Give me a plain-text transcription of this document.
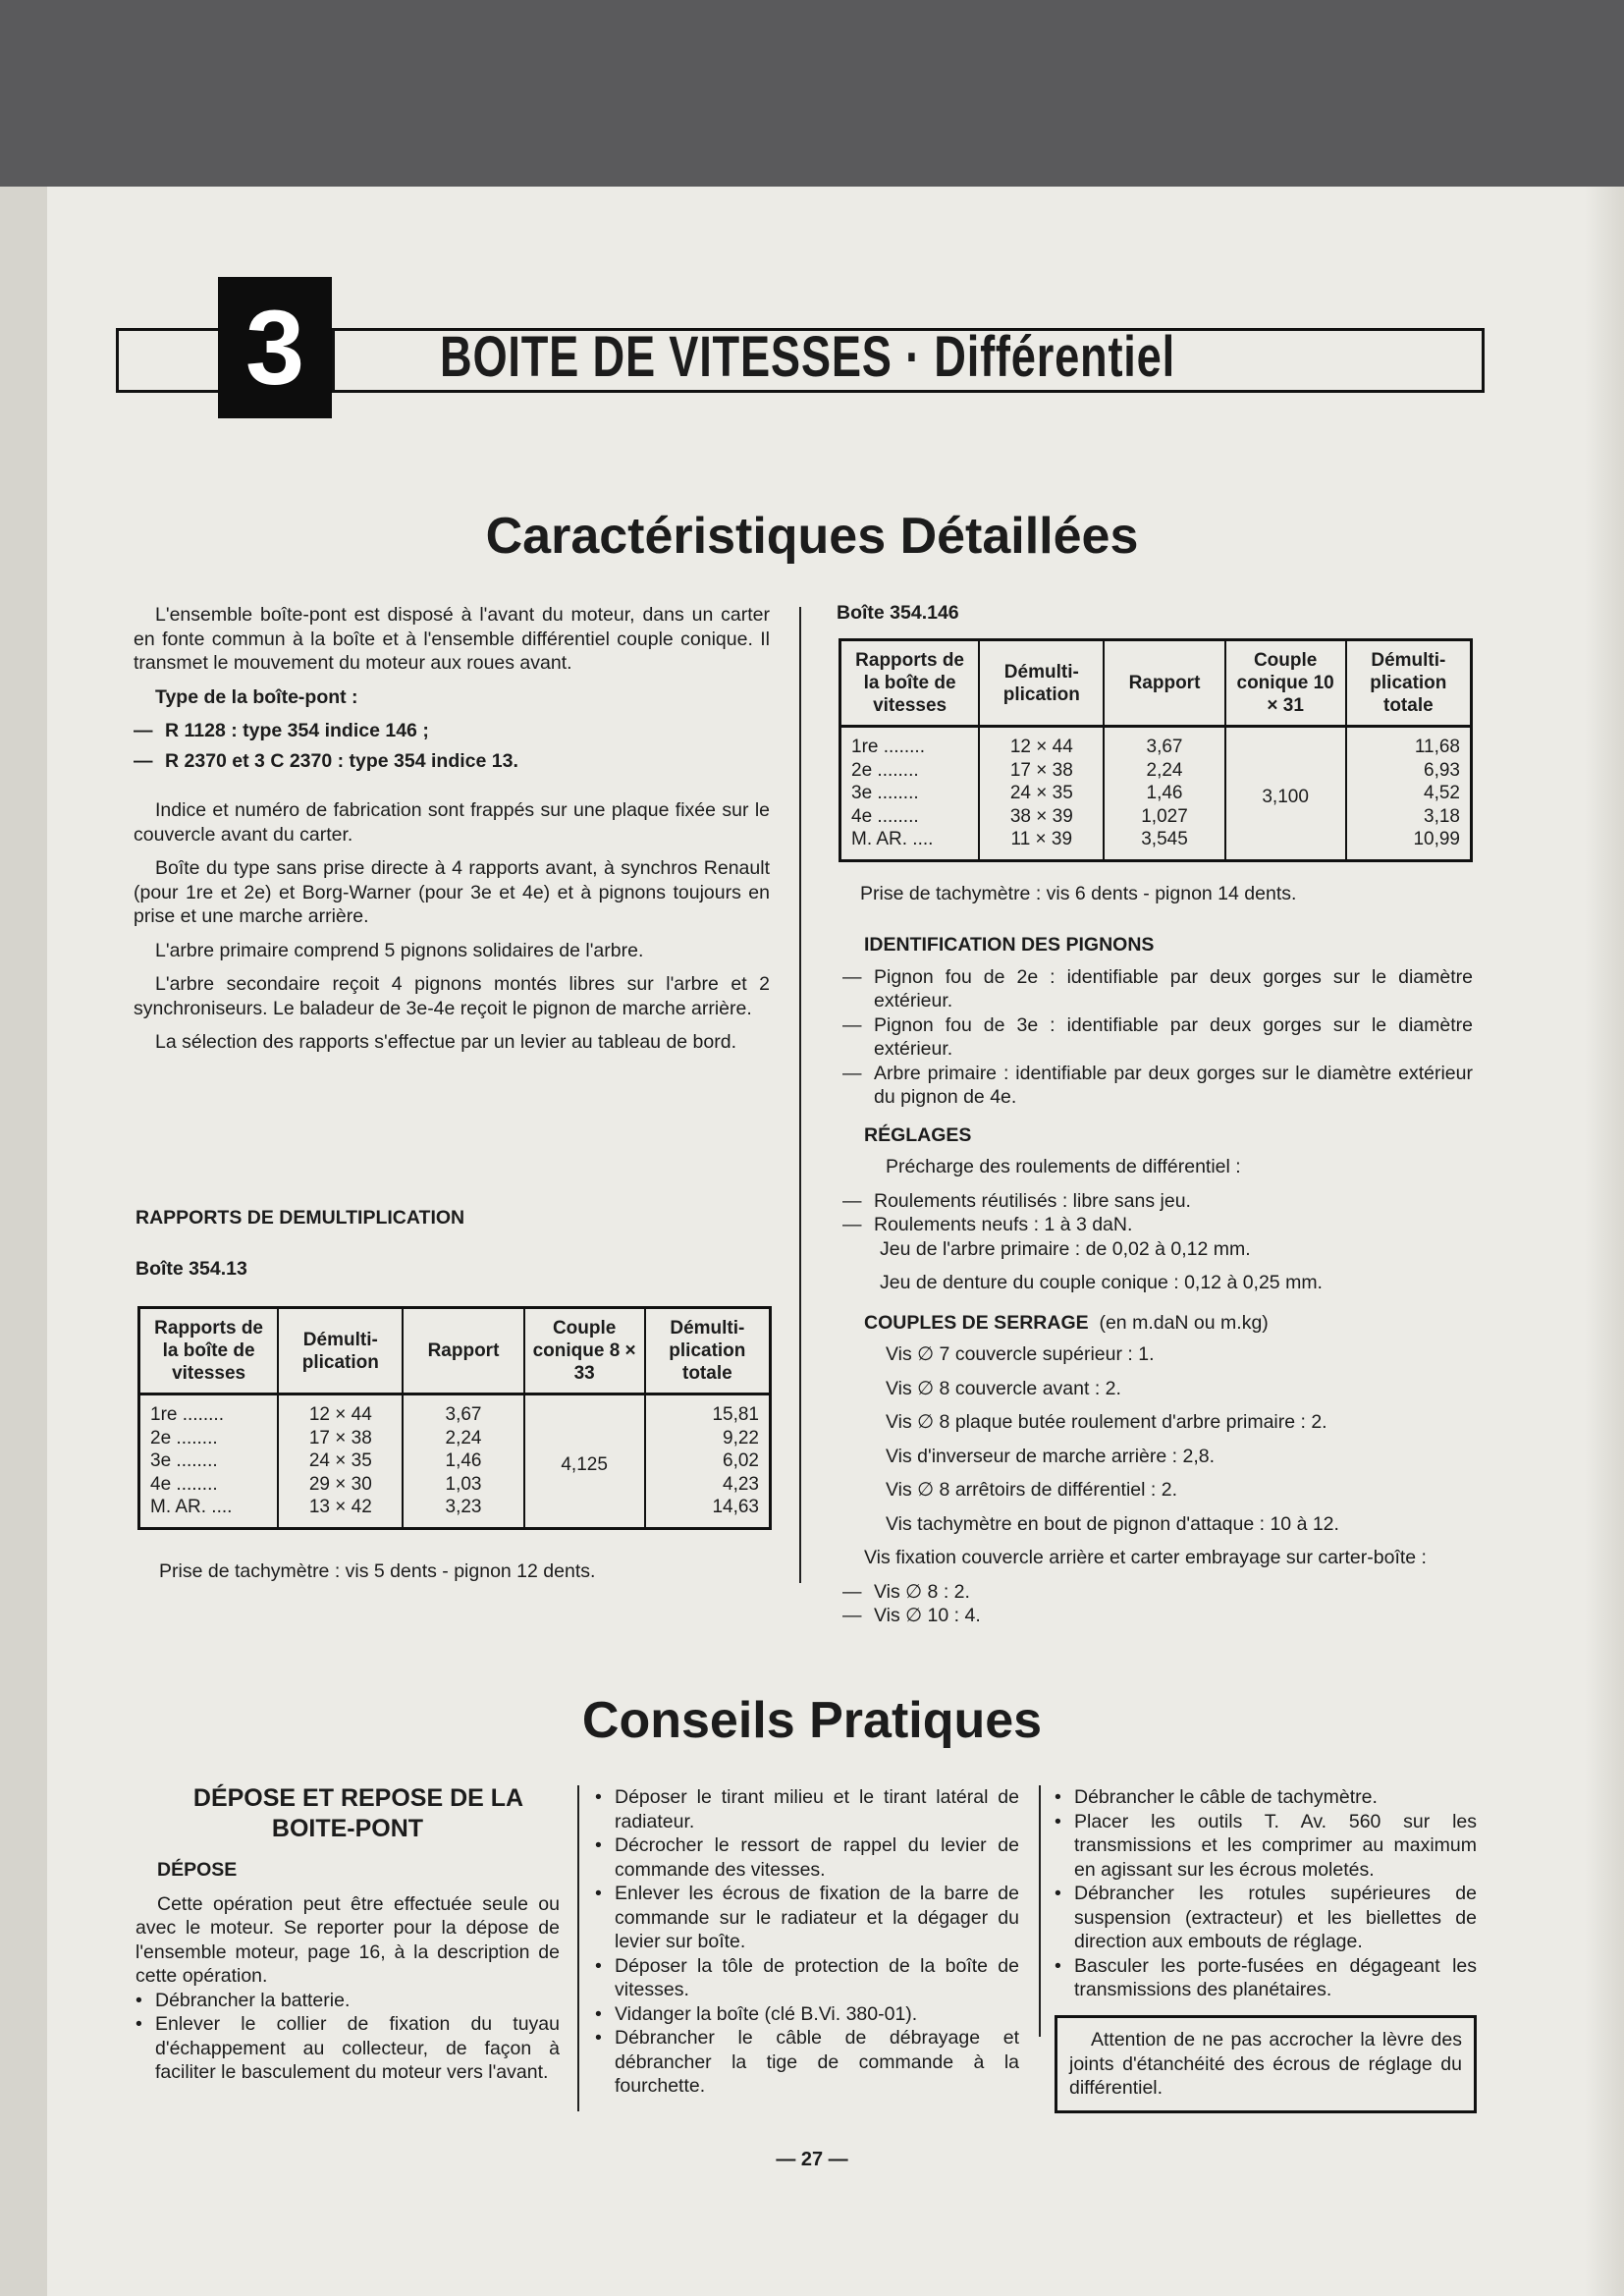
3	BOITE DE VITESSES · Différentiel
Caractéristiques Détaillées

L'ensemble boîte-pont est disposé à l'avant du moteur, dans un carter en fonte commun à la boîte et à l'ensemble différentiel couple conique. Il transmet le mouvement du moteur aux roues avant.

Type de la boîte-pont :

— R 1128 : type 354 indice 146 ;
— R 2370 et 3 C 2370 : type 354 indice 13.

Indice et numéro de fabrication sont frappés sur une plaque fixée sur le couvercle avant du carter.

Boîte du type sans prise directe à 4 rapports avant, à synchros Renault (pour 1re et 2e) et Borg-Warner (pour 3e et 4e) et à pignons toujours en prise et une marche arrière.

L'arbre primaire comprend 5 pignons solidaires de l'arbre.

L'arbre secondaire reçoit 4 pignons montés libres sur l'arbre et 2 synchroniseurs. Le baladeur de 3e-4e reçoit le pignon de marche arrière.

La sélection des rapports s'effectue par un levier au tableau de bord.

RAPPORTS DE DEMULTIPLICATION
Boîte 354.13
Rapports de la boîte de vitesses	Démulti-plication	Rapport	Couple conique 8 × 33	Démulti-plication totale
1re ........	12 × 44	3,67	4,125	15,81
2e ........	17 × 38	2,24		9,22
3e ........	24 × 35	1,46		6,02
4e ........	29 × 30	1,03		4,23
M. AR. ....	13 × 42	3,23		14,63
Prise de tachymètre : vis 5 dents - pignon 12 dents.
Boîte 354.146
Rapports de la boîte de vitesses	Démulti-plication	Rapport	Couple conique 10 × 31	Démulti-plication totale
1re ........	12 × 44	3,67	3,100	11,68
2e ........	17 × 38	2,24		6,93
3e ........	24 × 35	1,46		4,52
4e ........	38 × 39	1,027		3,18
M. AR. ....	11 × 39	3,545		10,99
Prise de tachymètre : vis 6 dents - pignon 14 dents.

IDENTIFICATION DES PIGNONS

— Pignon fou de 2e : identifiable par deux gorges sur le diamètre extérieur.
— Pignon fou de 3e : identifiable par deux gorges sur le diamètre extérieur.
— Arbre primaire : identifiable par deux gorges sur le diamètre extérieur du pignon de 4e.

RÉGLAGES

Précharge des roulements de différentiel :

— Roulements réutilisés : libre sans jeu.
— Roulements neufs : 1 à 3 daN.

Jeu de l'arbre primaire : de 0,02 à 0,12 mm.

Jeu de denture du couple conique : 0,12 à 0,25 mm.

COUPLES DE SERRAGE (en m.daN ou m.kg)

Vis ∅ 7 couvercle supérieur : 1.

Vis ∅ 8 couvercle avant : 2.

Vis ∅ 8 plaque butée roulement d'arbre primaire : 2.

Vis d'inverseur de marche arrière : 2,8.

Vis ∅ 8 arrêtoirs de différentiel : 2.

Vis tachymètre en bout de pignon d'attaque : 10 à 12.

Vis fixation couvercle arrière et carter embrayage sur carter-boîte :

— Vis ∅ 8 : 2.
— Vis ∅ 10 : 4.
Conseils Pratiques

DÉPOSE ET REPOSE DE LA BOITE-PONT

DÉPOSE

Cette opération peut être effectuée seule ou avec le moteur. Se reporter pour la dépose de l'ensemble moteur, page 16, à la description de cette opération.

• Débrancher la batterie.
• Enlever le collier de fixation du tuyau d'échappement au collecteur, de façon à faciliter le basculement du moteur vers l'avant.
• Déposer le tirant milieu et le tirant latéral de radiateur.
• Décrocher le ressort de rappel du levier de commande des vitesses.
• Enlever les écrous de fixation de la barre de commande sur le radiateur et la dégager du levier sur boîte.
• Déposer la tôle de protection de la boîte de vitesses.
• Vidanger la boîte (clé B.Vi. 380-01).
• Débrancher le câble de débrayage et débrancher la tige de commande à la fourchette.
• Débrancher le câble de tachymètre.
• Placer les outils T. Av. 560 sur les transmissions et les comprimer au maximum en agissant sur les écrous moletés.
• Débrancher les rotules supérieures de suspension (extracteur) et les biellettes de direction aux embouts de réglage.
• Basculer les porte-fusées en dégageant les transmissions des planétaires.
Attention de ne pas accrocher la lèvre des joints d'étanchéité des écrous de réglage du différentiel.
— 27 —
